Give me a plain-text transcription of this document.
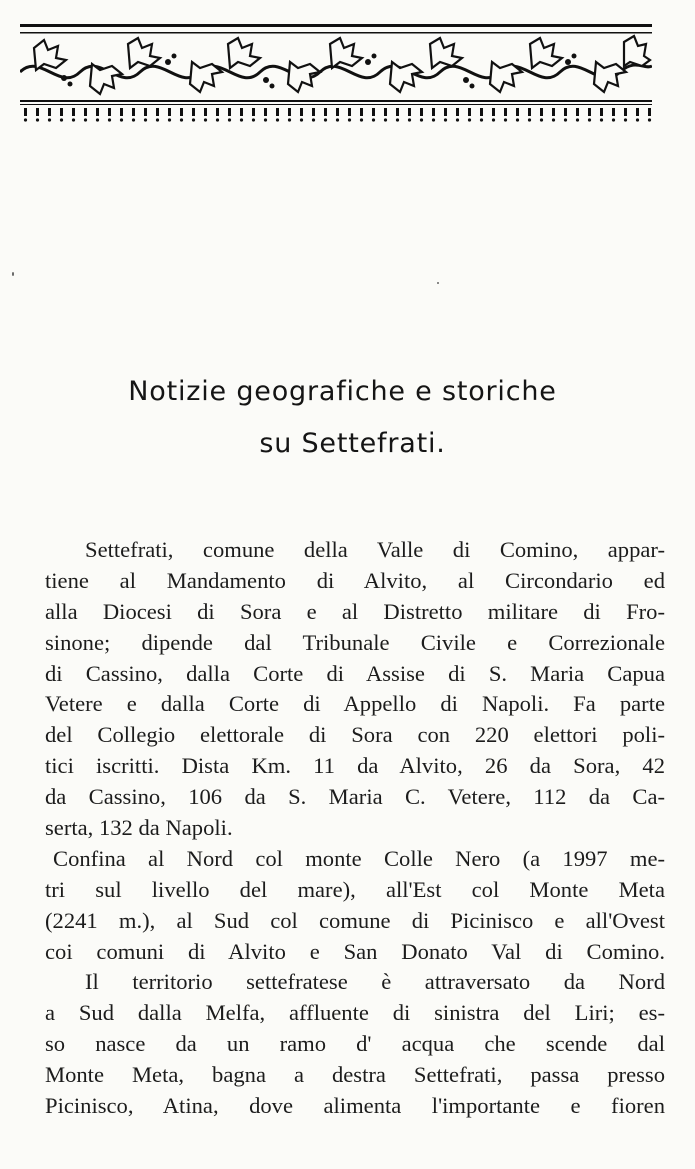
Notizie geografiche e storiche
su Settefrati.
Settefrati, comune della Valle di Comino, appar-
tiene al Mandamento di Alvito, al Circondario ed
alla Diocesi di Sora e al Distretto militare di Fro-
sinone; dipende dal Tribunale Civile e Correzionale
di Cassino, dalla Corte di Assise di S. Maria Capua
Vetere e dalla Corte di Appello di Napoli. Fa parte
del Collegio elettorale di Sora con 220 elettori poli-
tici iscritti. Dista Km. 11 da Alvito, 26 da Sora, 42
da Cassino, 106 da S. Maria C. Vetere, 112 da Ca-
serta, 132 da Napoli.
Confina al Nord col monte Colle Nero (a 1997 me-
tri sul livello del mare), all'Est col Monte Meta
(2241 m.), al Sud col comune di Picinisco e all'Ovest
coi comuni di Alvito e San Donato Val di Comino.
Il territorio settefratese è attraversato da Nord
a Sud dalla Melfa, affluente di sinistra del Liri; es-
so nasce da un ramo d' acqua che scende dal
Monte Meta, bagna a destra Settefrati, passa presso
Picinisco, Atina, dove alimenta l'importante e fioren
